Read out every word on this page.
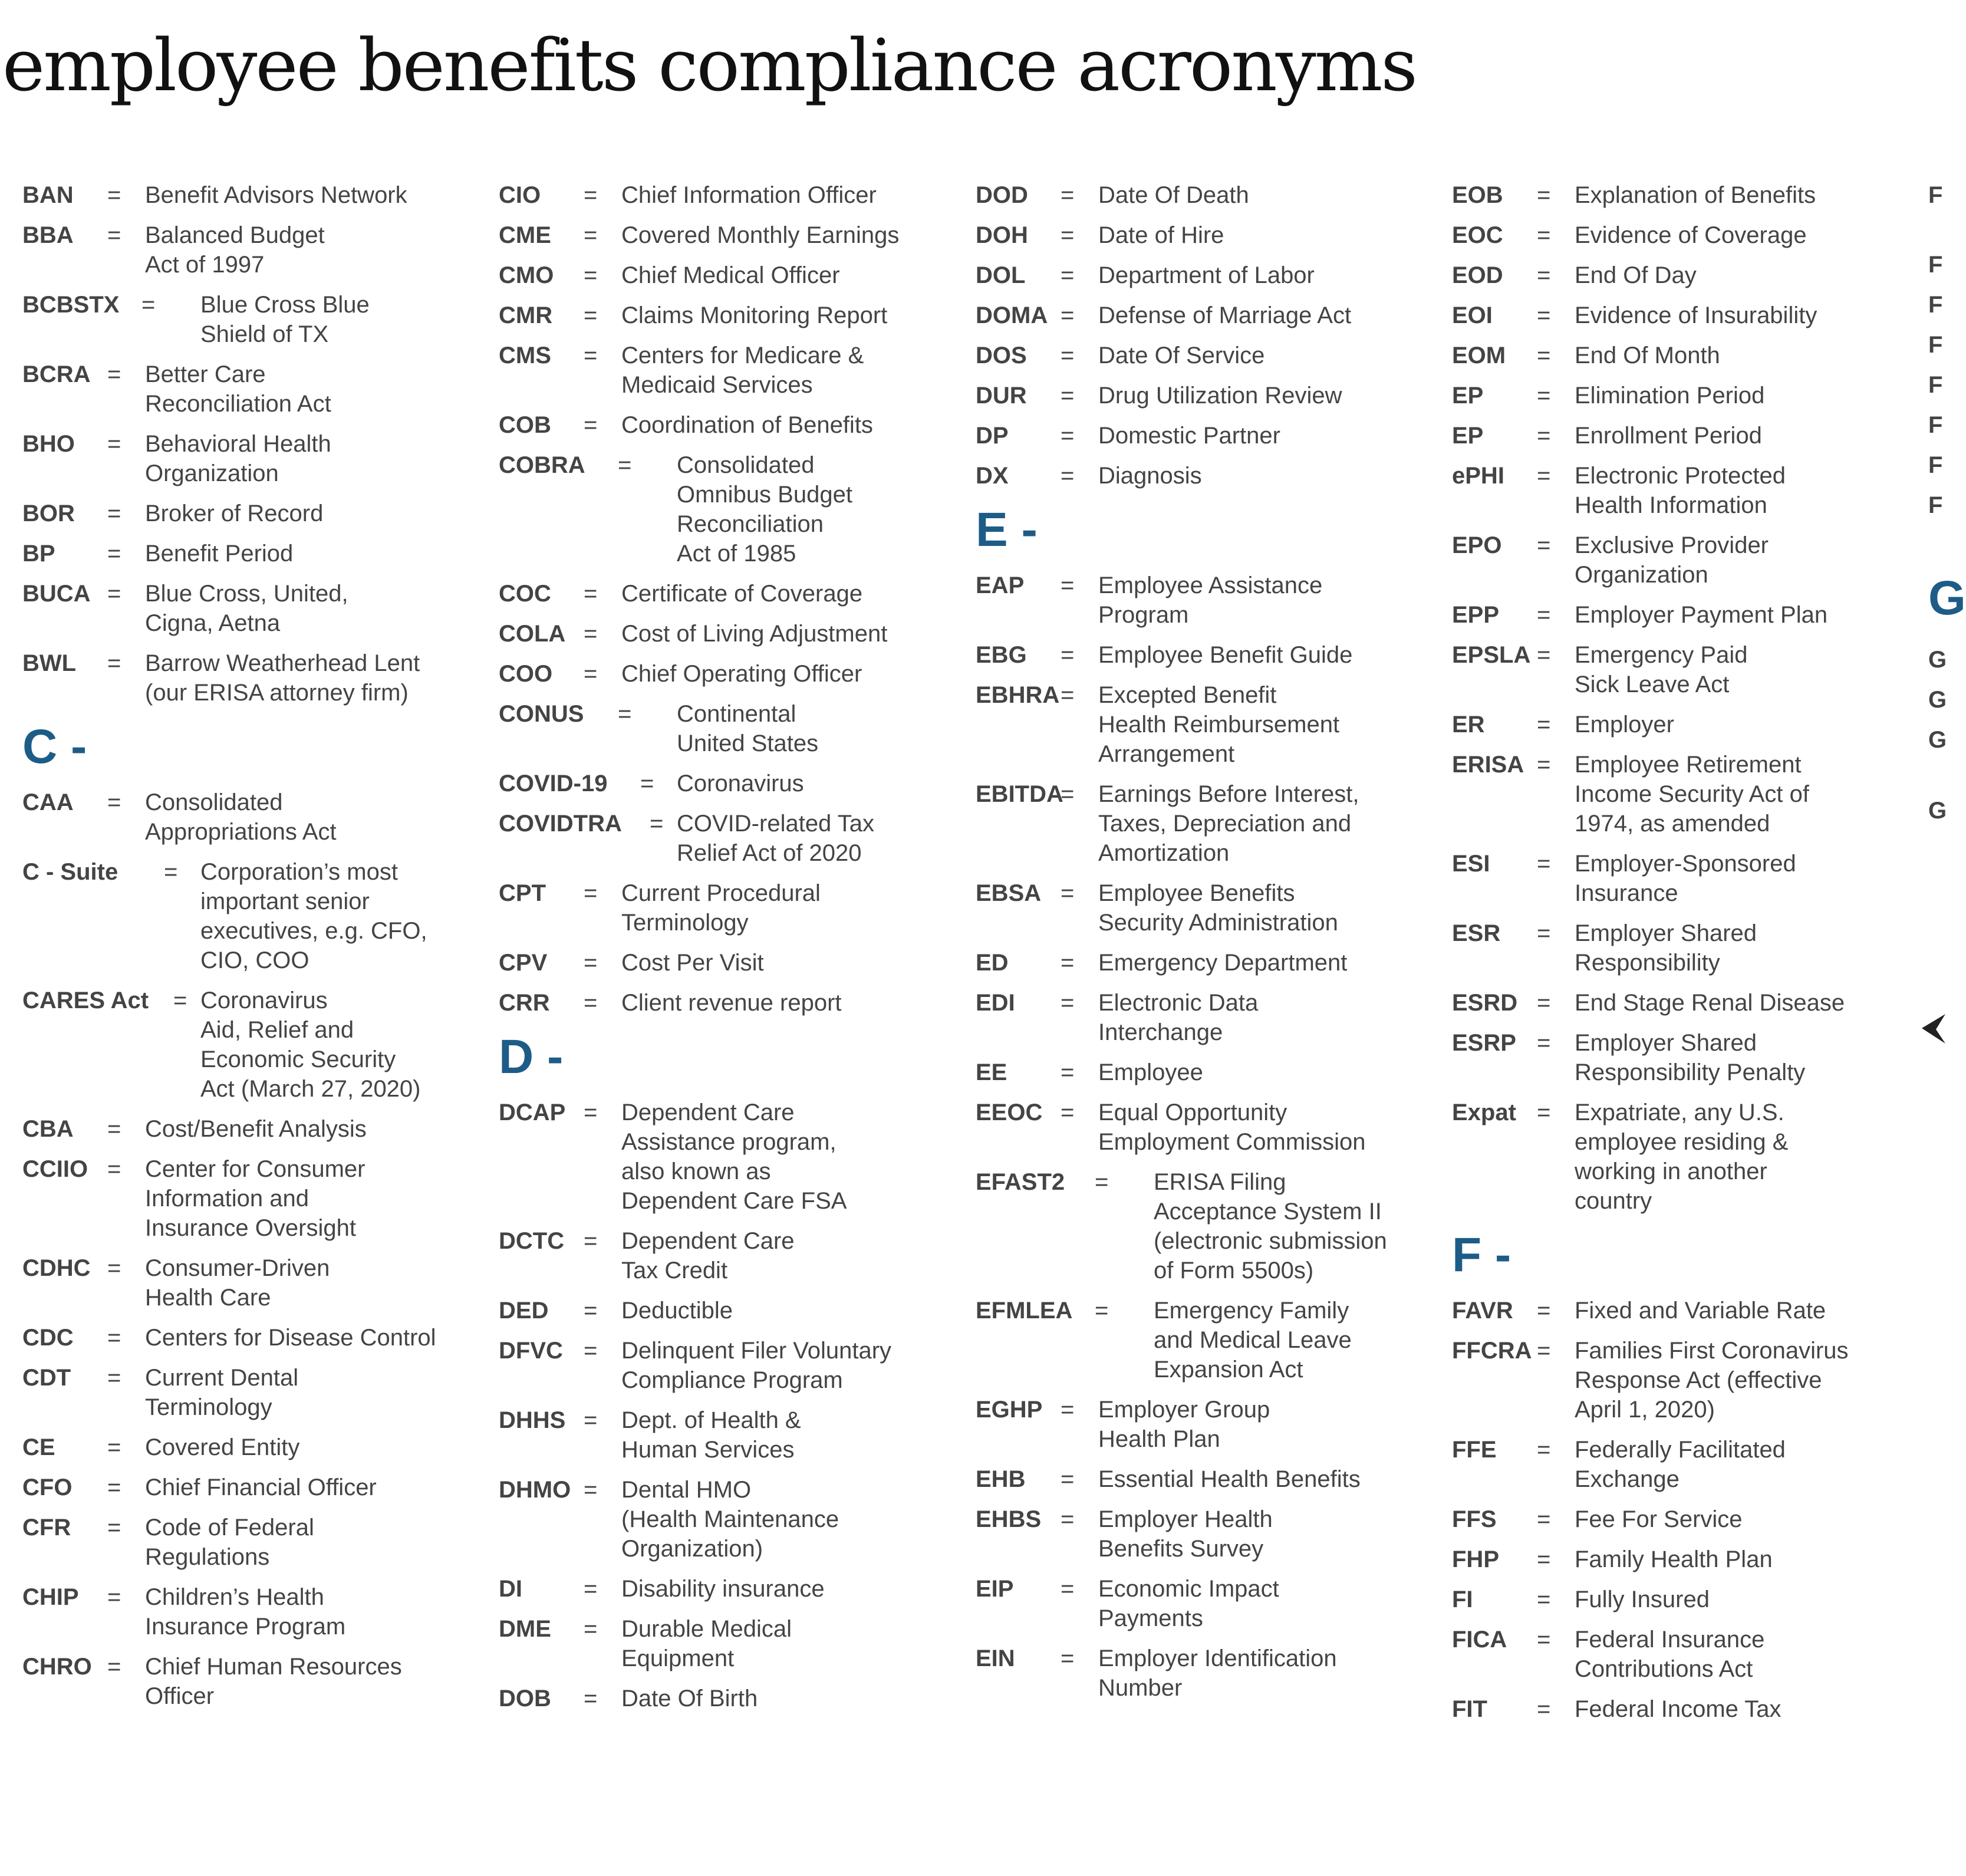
employee benefits compliance acronyms
BAN = Benefit Advisors Network
BBA = Balanced Budget
Act of 1997
BCBSTX = Blue Cross Blue
Shield of TX
BCRA = Better Care
Reconciliation Act
BHO = Behavioral Health
Organization
BOR = Broker of Record
BP = Benefit Period
BUCA = Blue Cross, United,
Cigna, Aetna
BWL = Barrow Weatherhead Lent
(our ERISA attorney firm)
C -
CAA = Consolidated
Appropriations Act
C - Suite = Corporation’s most
important senior
executives, e.g. CFO,
CIO, COO
CARES Act = Coronavirus
Aid, Relief and
Economic Security
Act (March 27, 2020)
CBA = Cost/Benefit Analysis
CCIIO = Center for Consumer
Information and
Insurance Oversight
CDHC = Consumer-Driven
Health Care
CDC = Centers for Disease Control
CDT = Current Dental
Terminology
CE = Covered Entity
CFO = Chief Financial Officer
CFR = Code of Federal
Regulations
CHIP = Children’s Health
Insurance Program
CHRO = Chief Human Resources
Officer
CIO = Chief Information Officer
CME = Covered Monthly Earnings
CMO = Chief Medical Officer
CMR = Claims Monitoring Report
CMS = Centers for Medicare &
Medicaid Services
COB = Coordination of Benefits
COBRA = Consolidated
Omnibus Budget
Reconciliation
Act of 1985
COC = Certificate of Coverage
COLA = Cost of Living Adjustment
COO = Chief Operating Officer
CONUS = Continental
United States
COVID-19 = Coronavirus
COVIDTRA = COVID-related Tax
Relief Act of 2020
CPT = Current Procedural
Terminology
CPV = Cost Per Visit
CRR = Client revenue report
D -
DCAP = Dependent Care
Assistance program,
also known as
Dependent Care FSA
DCTC = Dependent Care
Tax Credit
DED = Deductible
DFVC = Delinquent Filer Voluntary
Compliance Program
DHHS = Dept. of Health &
Human Services
DHMO = Dental HMO
(Health Maintenance
Organization)
DI	= Disability insurance
DME = Durable Medical
Equipment
DOB = Date Of Birth
DOD = Date Of Death
DOH = Date of Hire
DOL = Department of Labor
DOMA = Defense of Marriage Act
DOS = Date Of Service
DUR = Drug Utilization Review
DP = Domestic Partner
DX = Diagnosis
E -
EAP = Employee Assistance
Program
EBG = Employee Benefit Guide
EBHRA = Excepted Benefit
Health Reimbursement
Arrangement
EBITDA
= Earnings Before Interest,
Taxes, Depreciation and
Amortization
EBSA = Employee Benefits
Security Administration
ED = Emergency Department
EDI = Electronic Data
Interchange
EE = Employee
EEOC = Equal Opportunity
Employment Commission
EFAST2 = ERISA Filing
Acceptance System II
(electronic submission
of Form 5500s)
EFMLEA = Emergency Family
and Medical Leave
Expansion Act
EGHP = Employer Group
Health Plan
EHB = Essential Health Benefits
EHBS = Employer Health
Benefits Survey
EIP = Economic Impact
Payments
EIN = Employer Identification
Number
EOB = Explanation of Benefits
EOC = Evidence of Coverage
EOD = End Of Day
EOI = Evidence of Insurability
EOM = End Of Month
EP = Elimination Period
EP = Enrollment Period
ePHI = Electronic Protected
Health Information
EPO = Exclusive Provider
Organization
EPP = Employer Payment Plan
EPSLA = Emergency Paid
Sick Leave Act
ER = Employer
ERISA = Employee Retirement
Income Security Act of
1974, as amended
ESI = Employer-Sponsored
Insurance
ESR = Employer Shared
Responsibility
ESRD = End Stage Renal Disease
ESRP = Employer Shared
Responsibility Penalty
Expat = Expatriate, any U.S.
employee residing &
working in another
country
F -
FAVR = Fixed and Variable Rate
FFCRA = Families First Coronavirus
Response Act (effective
April 1, 2020)
FFE = Federally Facilitated
Exchange
FFS = Fee For Service
FHP = Family Health Plan
FI	= Fully Insured
FICA = Federal Insurance
Contributions Act
FIT = Federal Income Tax
F
F
F
F
F
F
F
F
G
G
G
G
G
